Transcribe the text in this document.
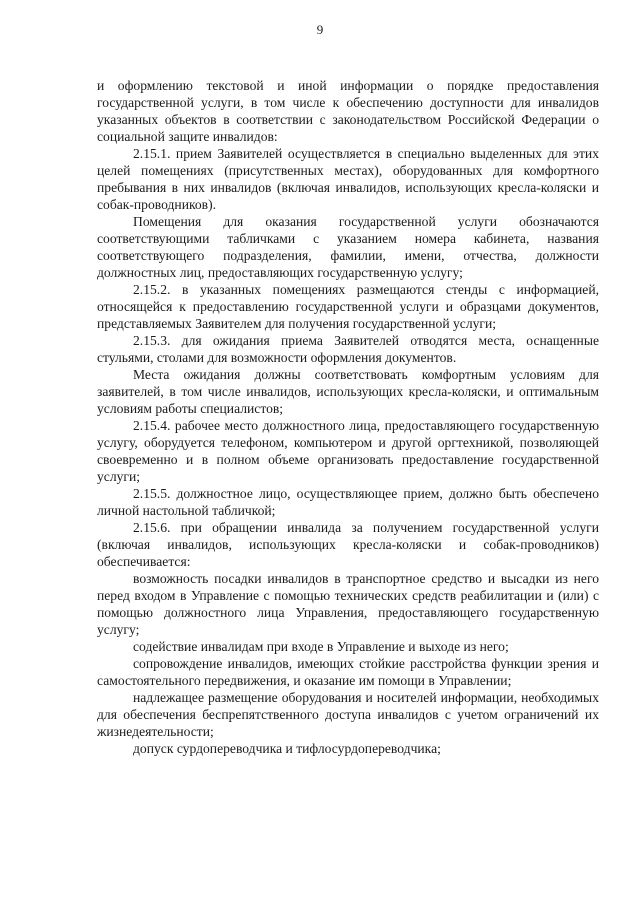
9

и оформлению текстовой и иной информации о порядке предоставления государственной услуги, в том числе к обеспечению доступности для инвалидов указанных объектов в соответствии с законодательством Российской Федерации о социальной защите инвалидов:

2.15.1. прием Заявителей осуществляется в специально выделенных для этих целей помещениях (присутственных местах), оборудованных для комфортного пребывания в них инвалидов (включая инвалидов, использующих кресла-коляски и собак-проводников).

Помещения для оказания государственной услуги обозначаются соответствующими табличками с указанием номера кабинета, названия соответствующего подразделения, фамилии, имени, отчества, должности должностных лиц, предоставляющих государственную услугу;

2.15.2. в указанных помещениях размещаются стенды с информацией, относящейся к предоставлению государственной услуги и образцами документов, представляемых Заявителем для получения государственной услуги;

2.15.3. для ожидания приема Заявителей отводятся места, оснащенные стульями, столами для возможности оформления документов.

Места ожидания должны соответствовать комфортным условиям для заявителей, в том числе инвалидов, использующих кресла-коляски, и оптимальным условиям работы специалистов;

2.15.4. рабочее место должностного лица, предоставляющего государственную услугу, оборудуется телефоном, компьютером и другой оргтехникой, позволяющей своевременно и в полном объеме организовать предоставление государственной услуги;

2.15.5. должностное лицо, осуществляющее прием, должно быть обеспечено личной настольной табличкой;

2.15.6. при обращении инвалида за получением государственной услуги (включая инвалидов, использующих кресла-коляски и собак-проводников) обеспечивается:

возможность посадки инвалидов в транспортное средство и высадки из него перед входом в Управление с помощью технических средств реабилитации и (или) с помощью должностного лица Управления, предоставляющего государственную услугу;

содействие инвалидам при входе в Управление и выходе из него;

сопровождение инвалидов, имеющих стойкие расстройства функции зрения и самостоятельного передвижения, и оказание им помощи в Управлении;

надлежащее размещение оборудования и носителей информации, необходимых для обеспечения беспрепятственного доступа инвалидов с учетом ограничений их жизнедеятельности;

допуск сурдопереводчика и тифлосурдопереводчика;
